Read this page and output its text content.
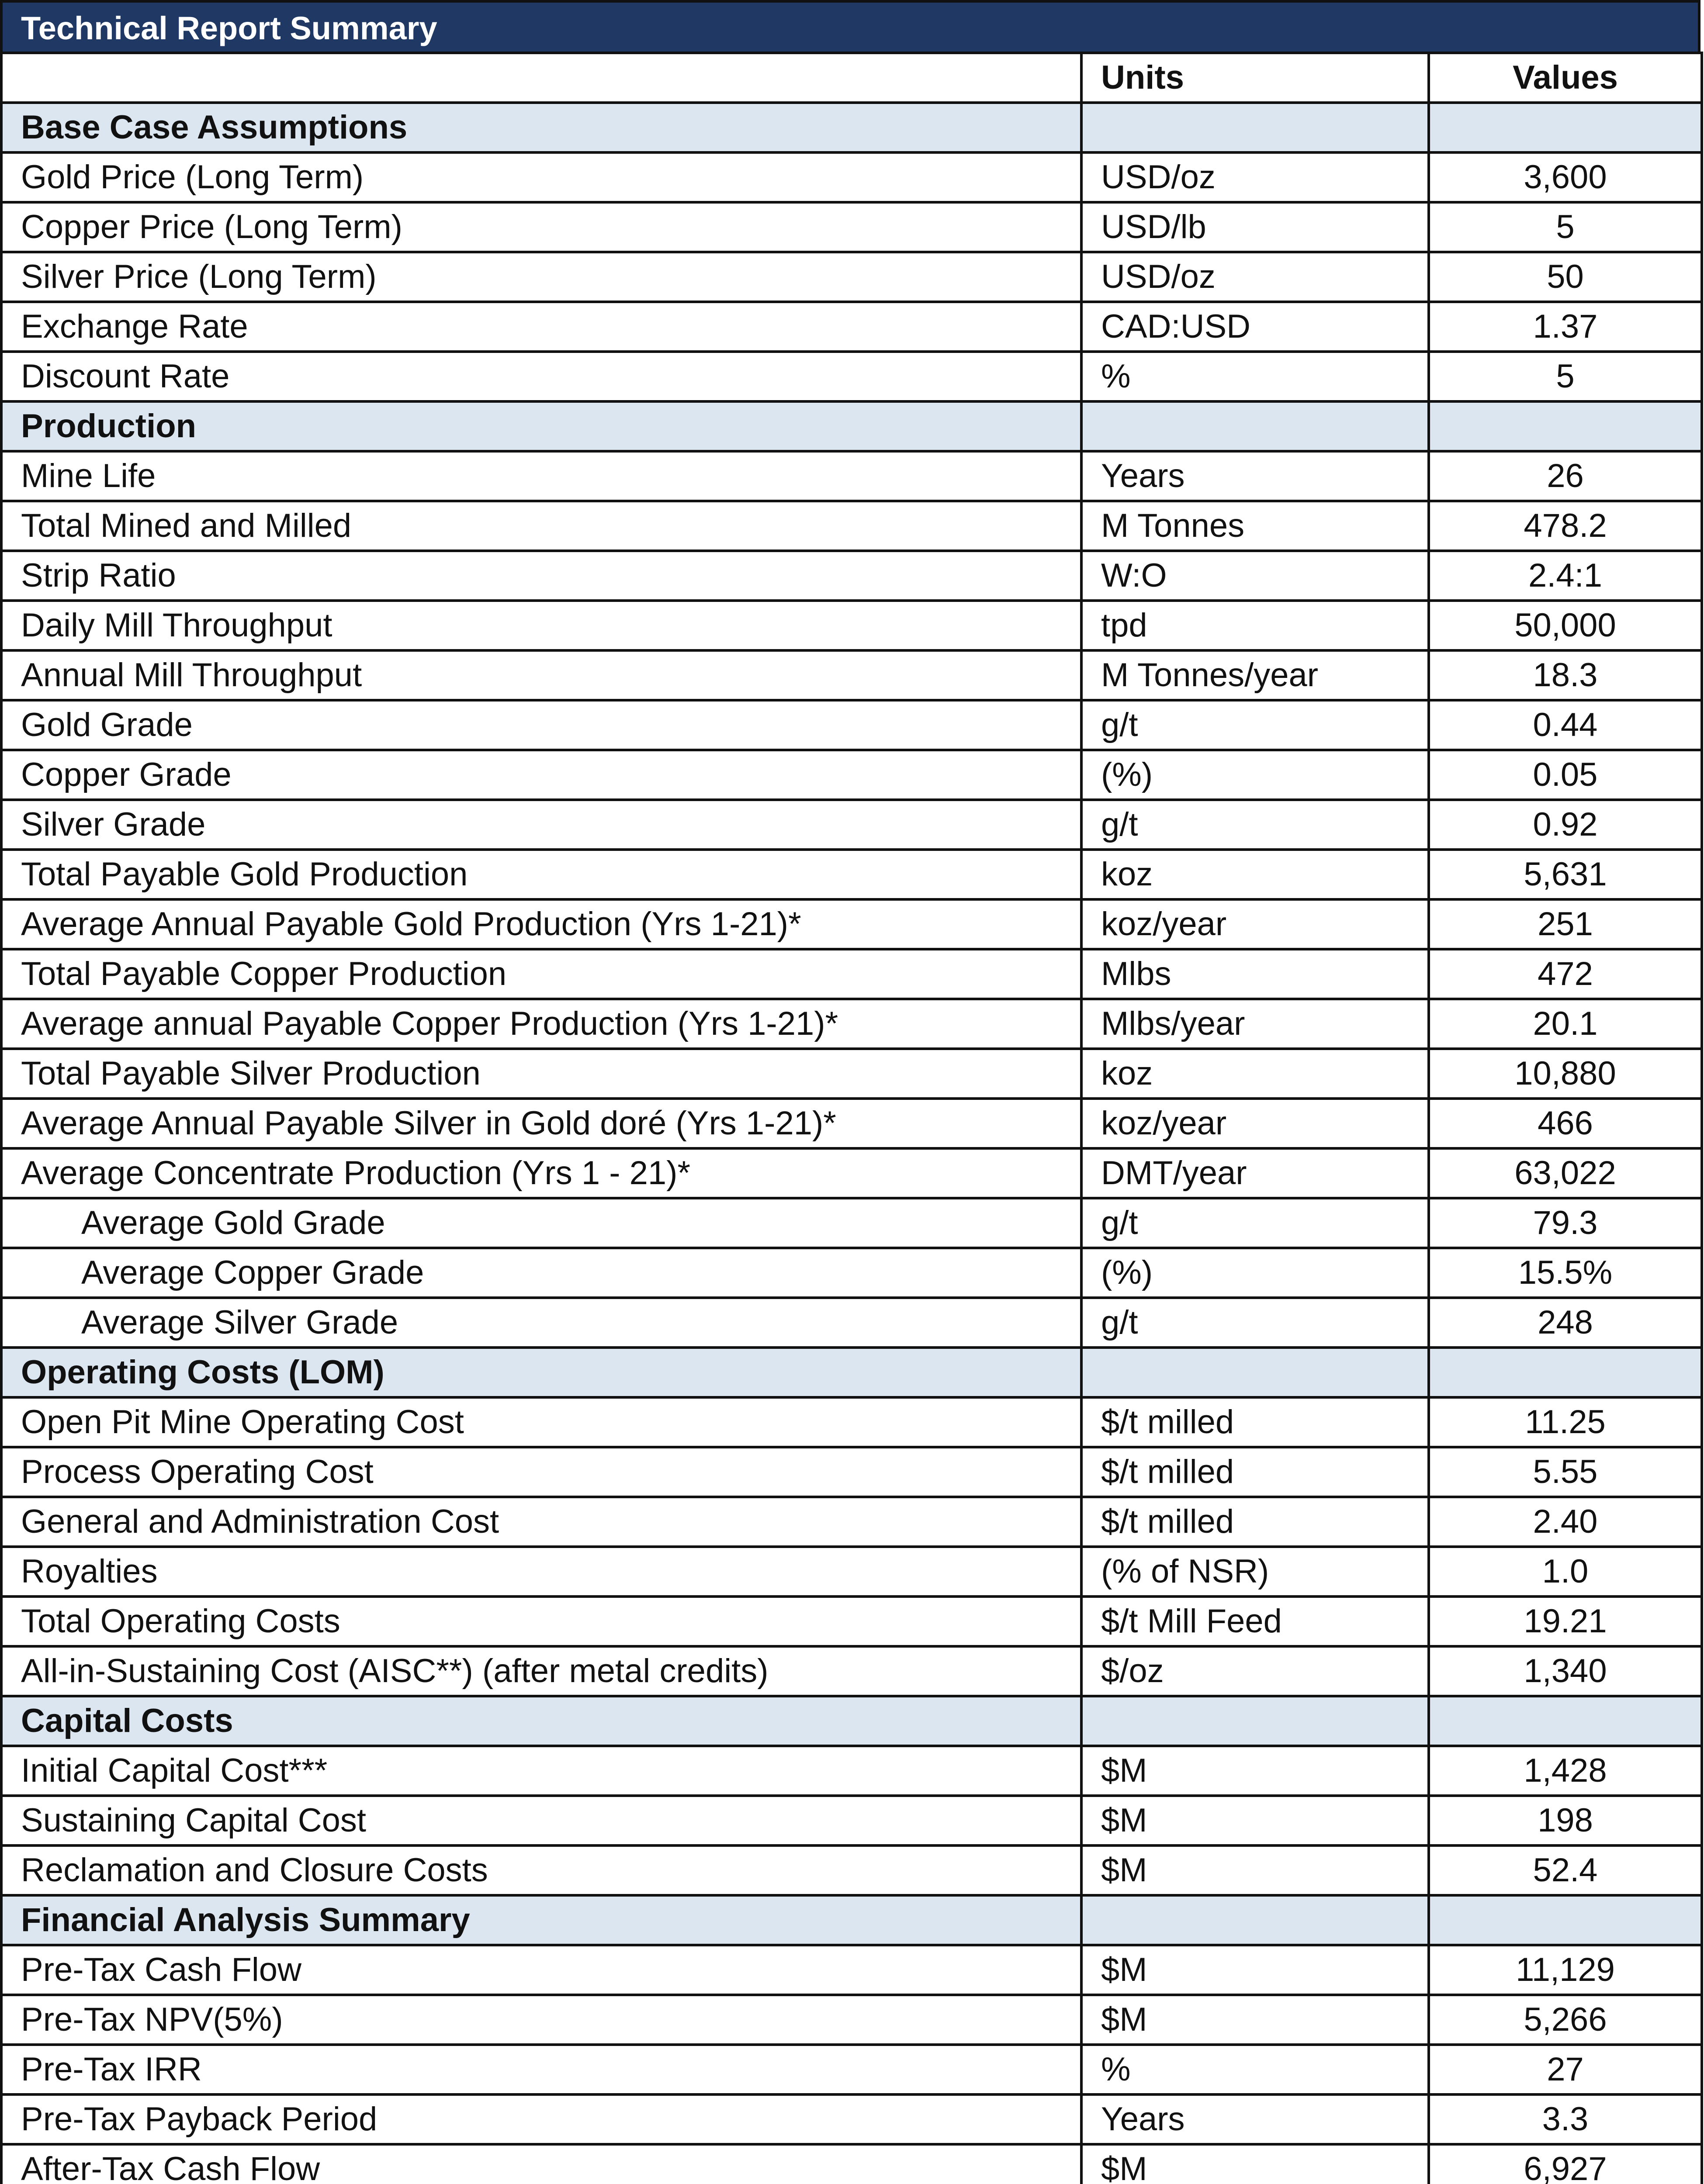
Technical Report Summary
	Units	Values
Base Case Assumptions		
Gold Price (Long Term)	USD/oz	3,600
Copper Price (Long Term)	USD/lb	5
Silver Price (Long Term)	USD/oz	50
Exchange Rate	CAD:USD	1.37
Discount Rate	%	5
Production		
Mine Life	Years	26
Total Mined and Milled	M Tonnes	478.2
Strip Ratio	W:O	2.4:1
Daily Mill Throughput	tpd	50,000
Annual Mill Throughput	M Tonnes/year	18.3
Gold Grade	g/t	0.44
Copper Grade	(%)	0.05
Silver Grade	g/t	0.92
Total Payable Gold Production	koz	5,631
Average Annual Payable Gold Production (Yrs 1-21)*	koz/year	251
Total Payable Copper Production	Mlbs	472
Average annual Payable Copper Production (Yrs 1-21)*	Mlbs/year	20.1
Total Payable Silver Production	koz	10,880
Average Annual Payable Silver in Gold doré (Yrs 1-21)*	koz/year	466
Average Concentrate Production (Yrs 1 - 21)*	DMT/year	63,022
Average Gold Grade	g/t	79.3
Average Copper Grade	(%)	15.5%
Average Silver Grade	g/t	248
Operating Costs (LOM)		
Open Pit Mine Operating Cost	$/t milled	11.25
Process Operating Cost	$/t milled	5.55
General and Administration Cost	$/t milled	2.40
Royalties	(% of NSR)	1.0
Total Operating Costs	$/t Mill Feed	19.21
All-in-Sustaining Cost (AISC**) (after metal credits)	$/oz	1,340
Capital Costs		
Initial Capital Cost***	$M	1,428
Sustaining Capital Cost	$M	198
Reclamation and Closure Costs	$M	52.4
Financial Analysis Summary		
Pre-Tax Cash Flow	$M	11,129
Pre-Tax NPV(5%)	$M	5,266
Pre-Tax IRR	%	27
Pre-Tax Payback Period	Years	3.3
After-Tax Cash Flow	$M	6,927
